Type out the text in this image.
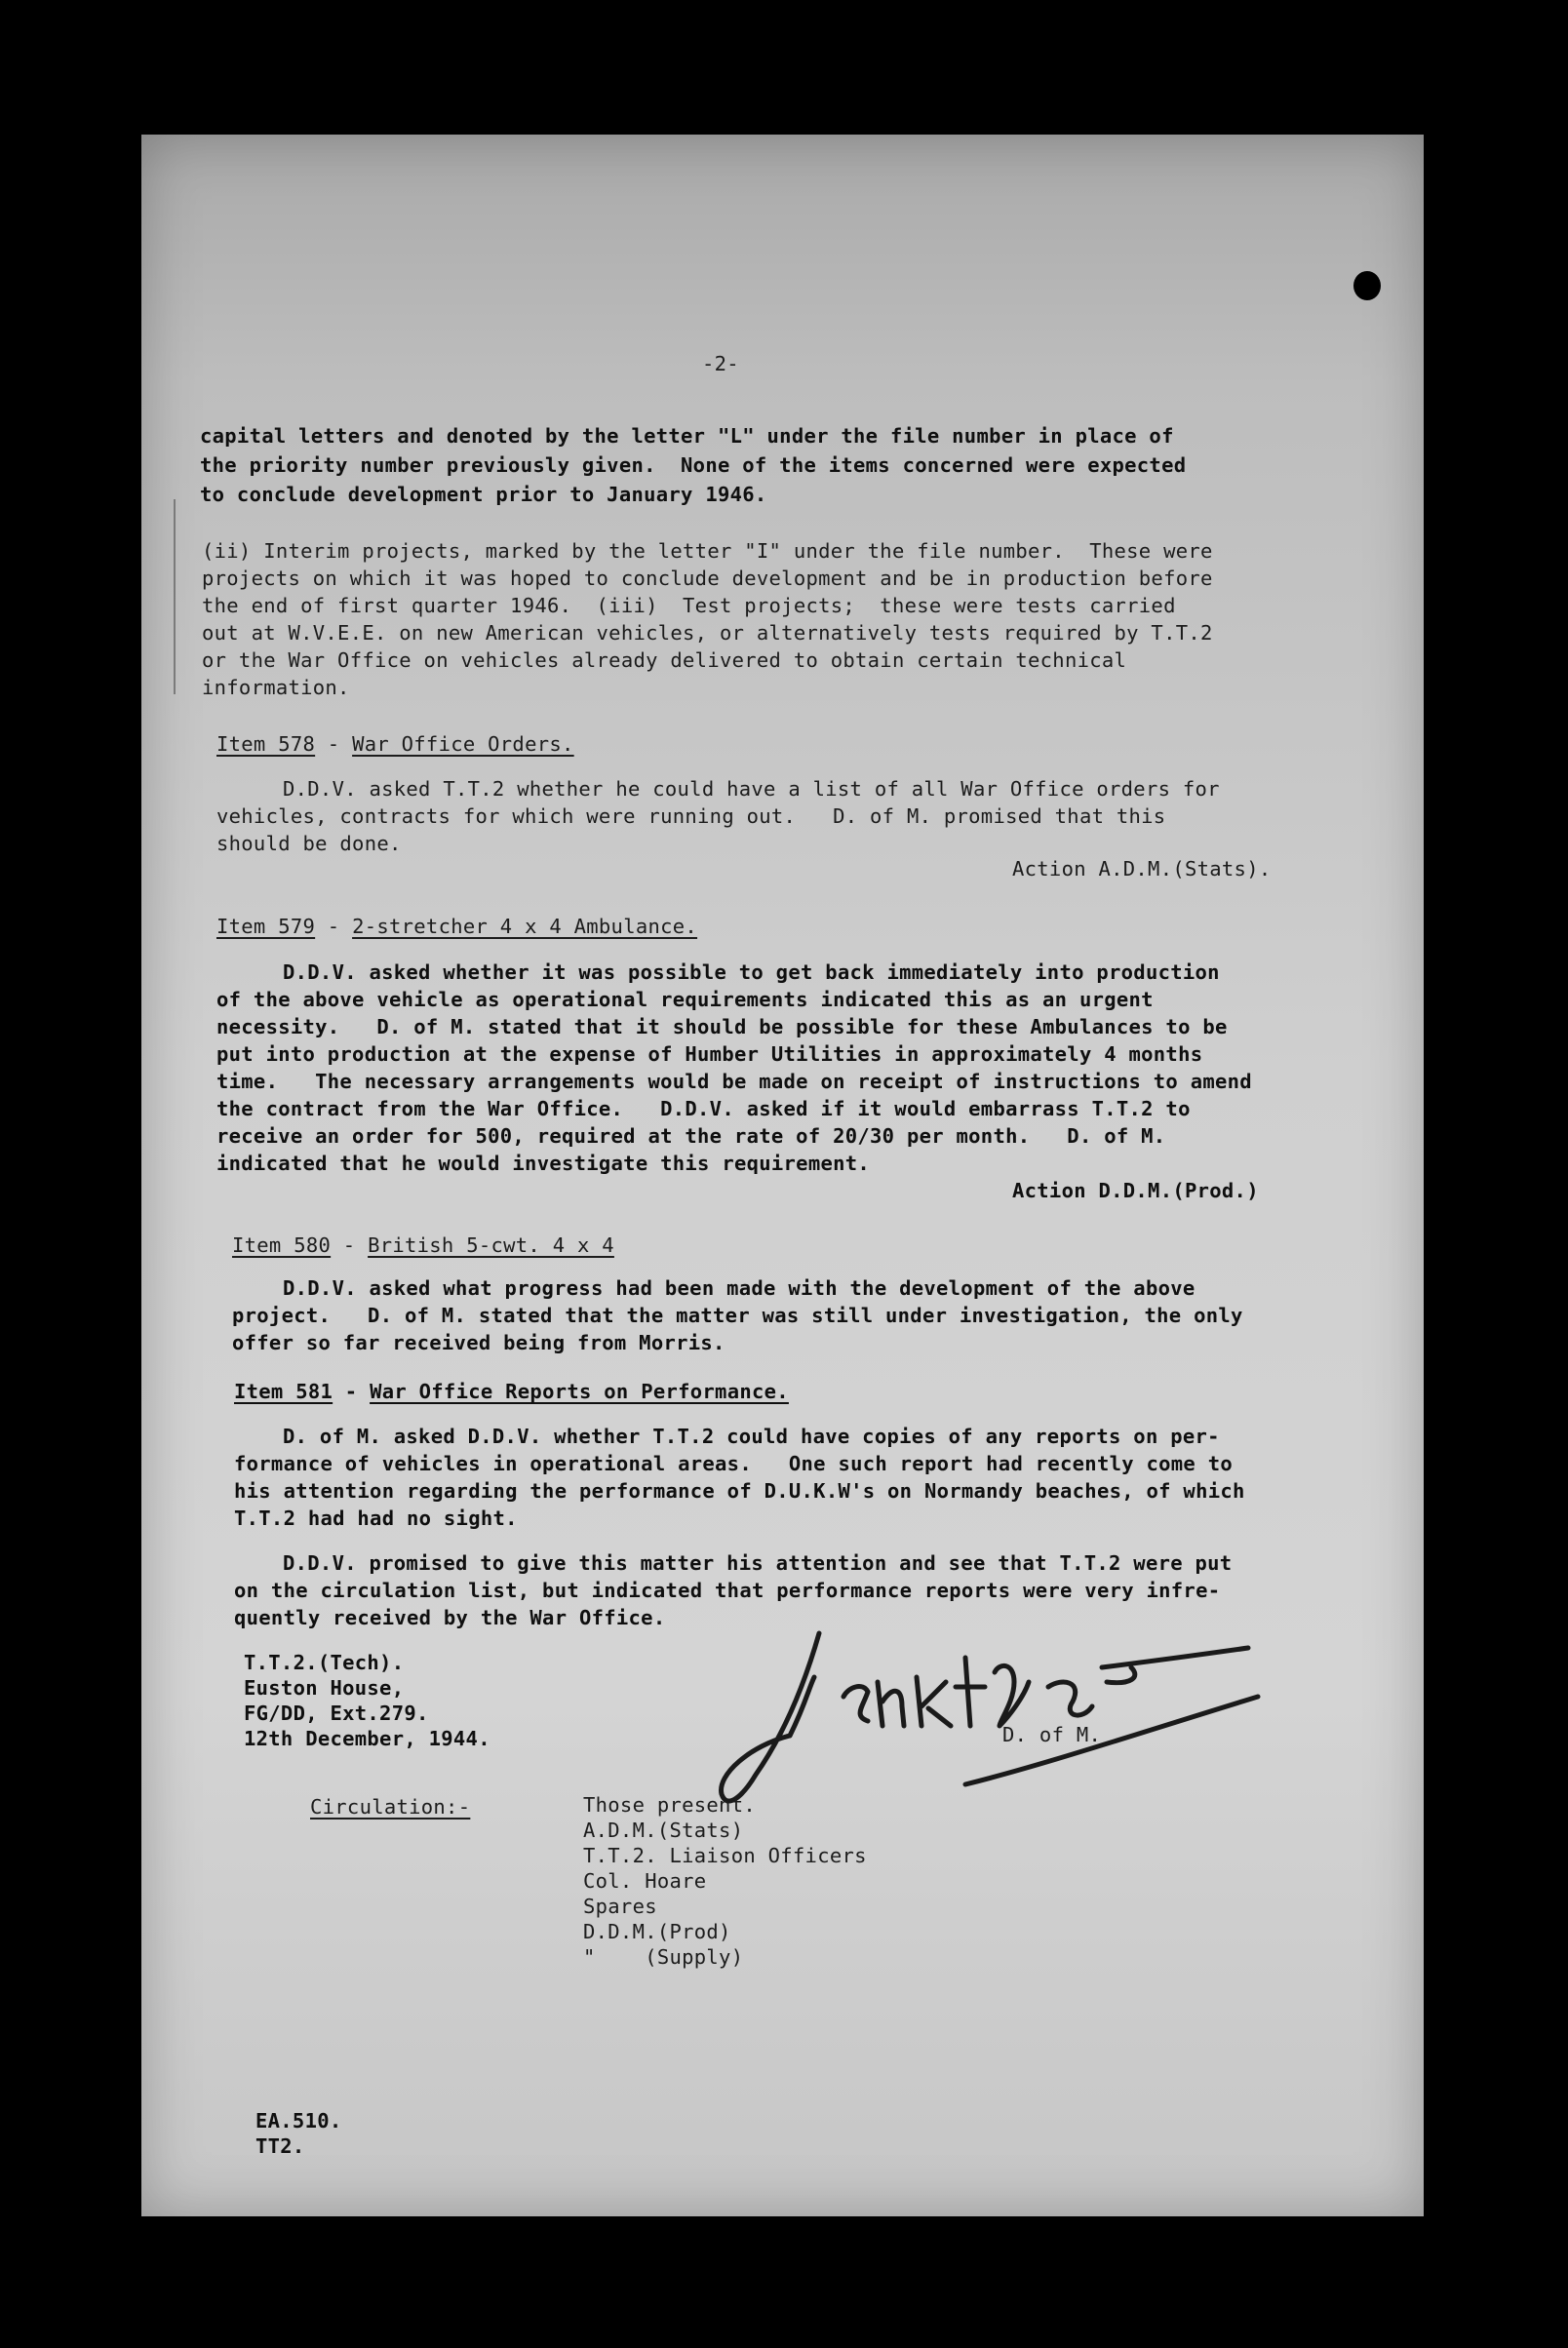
-2-
capital letters and denoted by the letter "L" under the file number in place of
the priority number previously given.  None of the items concerned were expected
to conclude development prior to January 1946.
(ii) Interim projects, marked by the letter "I" under the file number.  These were
projects on which it was hoped to conclude development and be in production before
the end of first quarter 1946.  (iii)  Test projects;  these were tests carried
out at W.V.E.E. on new American vehicles, or alternatively tests required by T.T.2
or the War Office on vehicles already delivered to obtain certain technical
information.
Item 578 - War Office Orders.
D.D.V. asked T.T.2 whether he could have a list of all War Office orders for
vehicles, contracts for which were running out.   D. of M. promised that this
should be done.
Action A.D.M.(Stats).
Item 579 - 2-stretcher 4 x 4 Ambulance.
D.D.V. asked whether it was possible to get back immediately into production
of the above vehicle as operational requirements indicated this as an urgent
necessity.   D. of M. stated that it should be possible for these Ambulances to be
put into production at the expense of Humber Utilities in approximately 4 months
time.   The necessary arrangements would be made on receipt of instructions to amend
the contract from the War Office.   D.D.V. asked if it would embarrass T.T.2 to
receive an order for 500, required at the rate of 20/30 per month.   D. of M.
indicated that he would investigate this requirement.
Action D.D.M.(Prod.)
Item 580 - British 5-cwt. 4 x 4
D.D.V. asked what progress had been made with the development of the above
project.   D. of M. stated that the matter was still under investigation, the only
offer so far received being from Morris.
Item 581 - War Office Reports on Performance.
D. of M. asked D.D.V. whether T.T.2 could have copies of any reports on per-
formance of vehicles in operational areas.   One such report had recently come to
his attention regarding the performance of D.U.K.W's on Normandy beaches, of which
T.T.2 had had no sight.
D.D.V. promised to give this matter his attention and see that T.T.2 were put
on the circulation list, but indicated that performance reports were very infre-
quently received by the War Office.
T.T.2.(Tech).
Euston House,
FG/DD, Ext.279.
12th December, 1944.	D. of M.
Circulation:-	Those present.
A.D.M.(Stats)
T.T.2. Liaison Officers
Col. Hoare
Spares
D.D.M.(Prod)
"    (Supply)
EA.510.
TT2.
